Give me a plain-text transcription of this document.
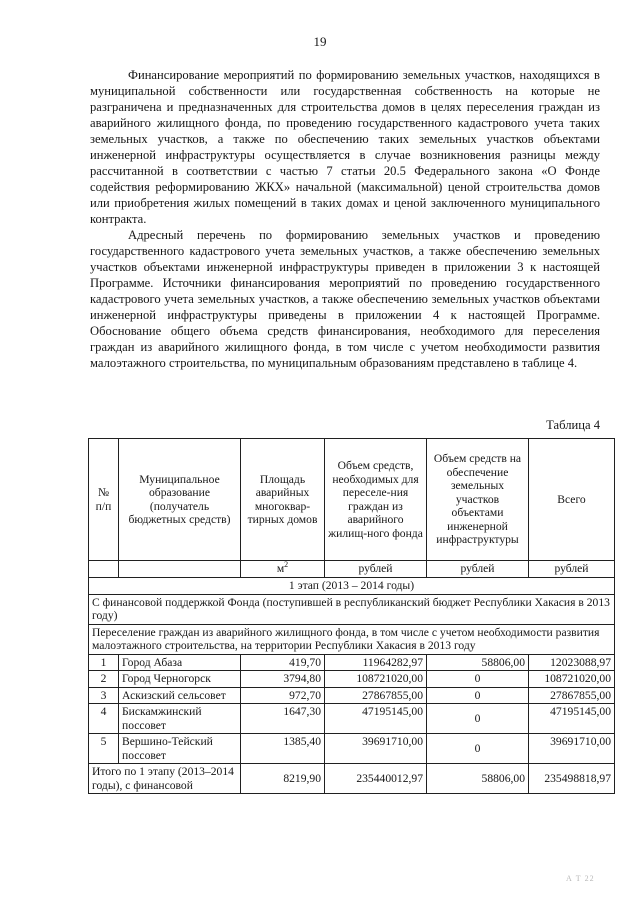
19

Финансирование мероприятий по формированию земельных участков, находящихся в муниципальной собственности или государственная собственность на которые не разграничена и предназначенных для строительства домов в целях переселения граждан из аварийного жилищного фонда, по проведению государственного кадастрового учета таких земельных участков, а также по обеспечению таких земельных участков объектами инженерной инфраструктуры осуществляется в случае возникновения разницы между рассчитанной в соответствии с частью 7 статьи 20.5 Федерального закона «О Фонде содействия реформированию ЖКХ» начальной (максимальной) ценой строительства домов или приобретения жилых помещений в таких домах и ценой заключенного муниципального контракта.

Адресный перечень по формированию земельных участков и проведению государственного кадастрового учета земельных участков, а также обеспечению земельных участков объектами инженерной инфраструктуры приведен в приложении 3 к настоящей Программе. Источники финансирования мероприятий по проведению государственного кадастрового учета земельных участков, а также обеспечению земельных участков объектами инженерной инфраструктуры приведены в приложении 4 к настоящей Программе. Обоснование общего объема средств финансирования, необходимого для переселения граждан из аварийного жилищного фонда, в том числе с учетом необходимости развития малоэтажного строительства, по муниципальным образованиям представлено в таблице 4.

Таблица 4
№ п/п	Муниципальное образование (получатель бюджетных средств)	Площадь аварийных многоквар-тирных домов	Объем средств, необходимых для переселе-ния граждан из аварийного жилищ-ного фонда	Объем средств на обеспечение земельных участков объектами инженерной инфраструктуры	Всего
		$м^2$	рублей	рублей	рублей
1 этап (2013 – 2014 годы)					
С финансовой поддержкой Фонда (поступившей в республиканский бюджет Республики Хакасия в 2013 году)					
Переселение граждан из аварийного жилищного фонда, в том числе с учетом необходимости развития малоэтажного строительства, на территории Республики Хакасия в 2013 году					
1	Город Абаза	419,70	11964282,97	58806,00	12023088,97
2	Город Черногорск	3794,80	108721020,00	0	108721020,00
3	Аскизский сельсовет	972,70	27867855,00	0	27867855,00
4	Бискамжинский поссовет	1647,30	47195145,00	0	47195145,00
5	Вершино-Тейский поссовет	1385,40	39691710,00	0	39691710,00
Итого по 1 этапу (2013–2014 годы), с финансовой		8219,90	235440012,97	58806,00	235498818,97
А Т 22
